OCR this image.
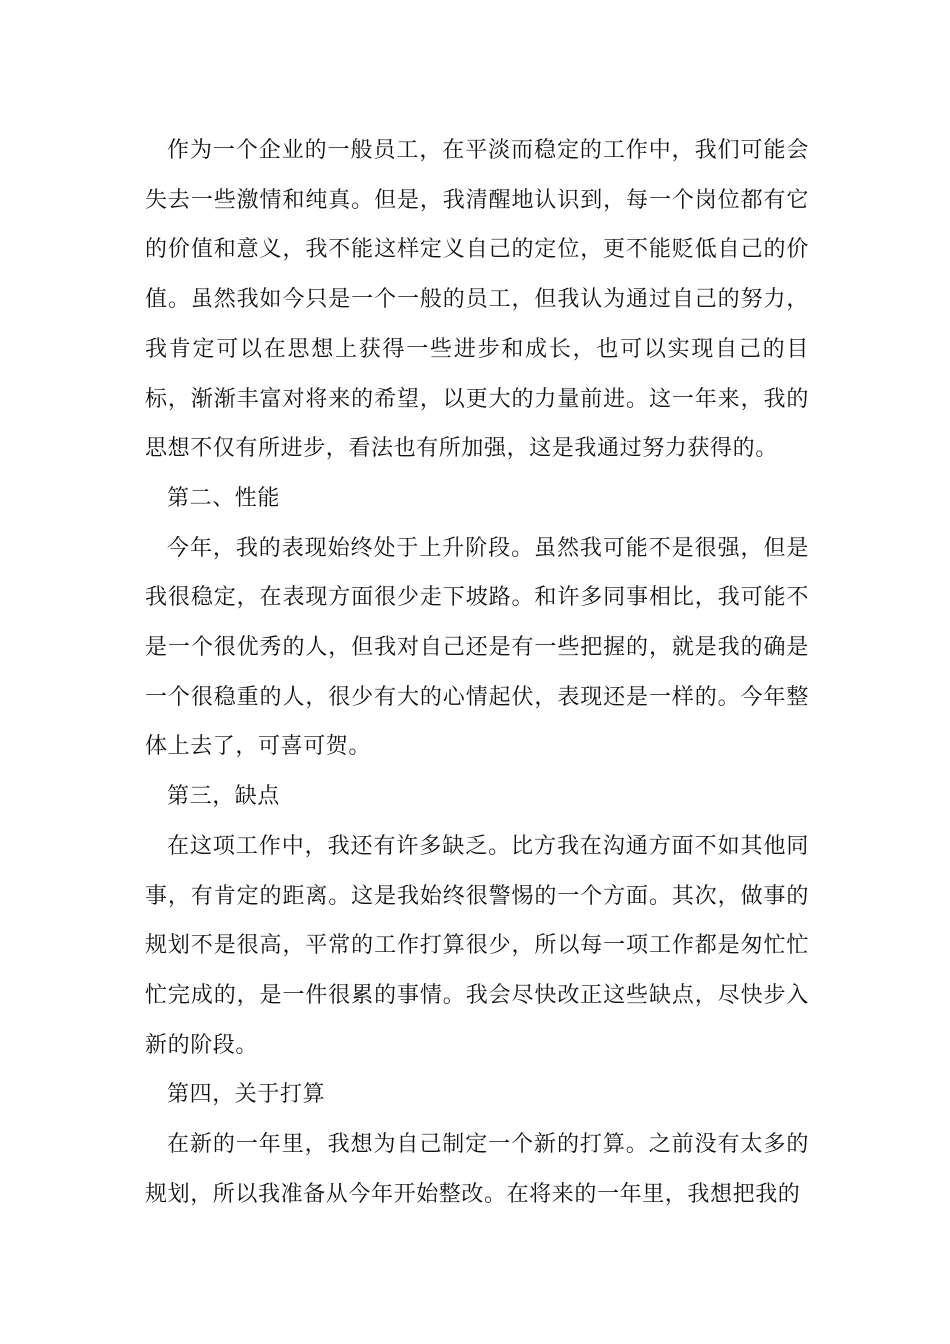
作为一个企业的一般员工，在平淡而稳定的工作中，我们可能会失去一些激情和纯真。但是，我清醒地认识到，每一个岗位都有它的价值和意义，我不能这样定义自己的定位，更不能贬低自己的价值。虽然我如今只是一个一般的员工，但我认为通过自己的努力，我肯定可以在思想上获得一些进步和成长，也可以实现自己的目标，渐渐丰富对将来的希望，以更大的力量前进。这一年来，我的思想不仅有所进步，看法也有所加强，这是我通过努力获得的。

第二、性能

今年，我的表现始终处于上升阶段。虽然我可能不是很强，但是我很稳定，在表现方面很少走下坡路。和许多同事相比，我可能不是一个很优秀的人，但我对自己还是有一些把握的，就是我的确是一个很稳重的人，很少有大的心情起伏，表现还是一样的。今年整体上去了，可喜可贺。

第三，缺点

在这项工作中，我还有许多缺乏。比方我在沟通方面不如其他同事，有肯定的距离。这是我始终很警惕的一个方面。其次，做事的规划不是很高，平常的工作打算很少，所以每一项工作都是匆忙忙忙完成的，是一件很累的事情。我会尽快改正这些缺点，尽快步入新的阶段。

第四，关于打算

在新的一年里，我想为自己制定一个新的打算。之前没有太多的规划，所以我准备从今年开始整改。在将来的一年里，我想把我的
